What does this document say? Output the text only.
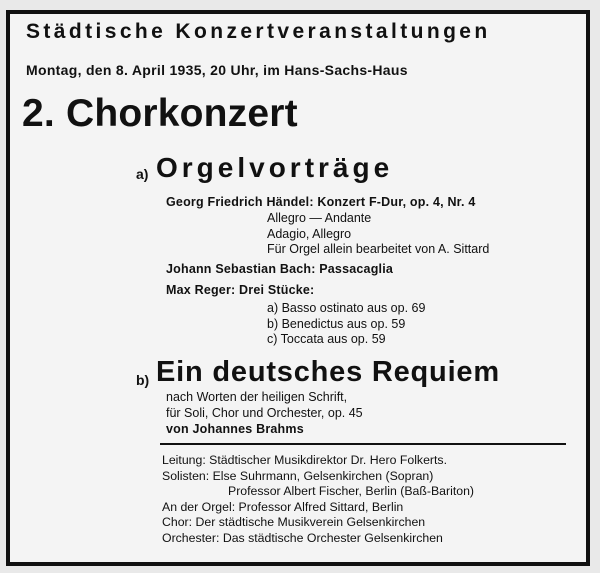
Städtische Konzertveranstaltungen
Montag, den 8. April 1935, 20 Uhr, im Hans-Sachs-Haus
2. Chorkonzert
a) Orgelvorträge
Georg Friedrich Händel: Konzert F-Dur, op. 4, Nr. 4
Allegro — Andante
Adagio, Allegro
Für Orgel allein bearbeitet von A. Sittard
Johann Sebastian Bach: Passacaglia
Max Reger: Drei Stücke:
a) Basso ostinato aus op. 69
b) Benedictus aus op. 59
c) Toccata aus op. 59
b) Ein deutsches Requiem
nach Worten der heiligen Schrift,
für Soli, Chor und Orchester, op. 45
von Johannes Brahms
Leitung: Städtischer Musikdirektor Dr. Hero Folkerts.
Solisten: Else Suhrmann, Gelsenkirchen (Sopran)
Professor Albert Fischer, Berlin (Baß-Bariton)
An der Orgel: Professor Alfred Sittard, Berlin
Chor: Der städtische Musikverein Gelsenkirchen
Orchester: Das städtische Orchester Gelsenkirchen
